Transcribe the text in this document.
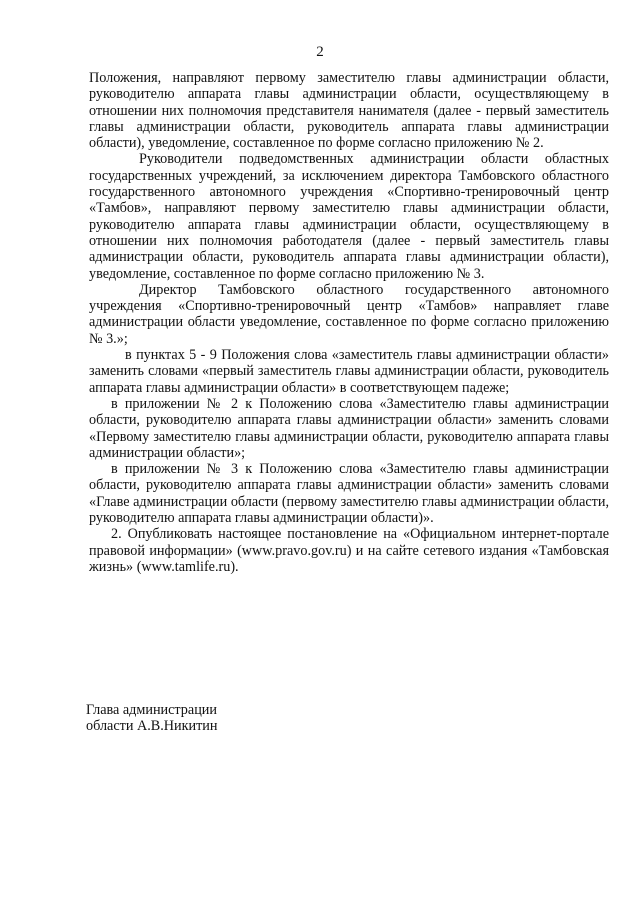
2

Положения, направляют первому заместителю главы администрации области, руководителю аппарата главы администрации области, осуществляющему в отношении них полномочия представителя нанимателя (далее - первый заместитель главы администрации области, руководитель аппарата главы администрации области), уведомление, составленное по форме согласно приложению № 2.

Руководители подведомственных администрации области областных государственных учреждений, за исключением директора Тамбовского областного государственного автономного учреждения «Спортивно-тренировочный центр «Тамбов», направляют первому заместителю главы администрации области, руководителю аппарата главы администрации области, осуществляющему в отношении них полномочия работодателя (далее - первый заместитель главы администрации области, руководитель аппарата главы администрации области), уведомление, составленное по форме согласно приложению № 3.

Директор Тамбовского областного государственного автономного учреждения «Спортивно-тренировочный центр «Тамбов» направляет главе администрации области уведомление, составленное по форме согласно приложению № 3.»;

в пунктах 5 - 9 Положения слова «заместитель главы администрации области» заменить словами «первый заместитель главы администрации области, руководитель аппарата главы администрации области» в соответствующем падеже;

в приложении № 2 к Положению слова «Заместителю главы администрации области, руководителю аппарата главы администрации области» заменить словами «Первому заместителю главы администрации области, руководителю аппарата главы администрации области»;

в приложении № 3 к Положению слова «Заместителю главы администрации области, руководителю аппарата главы администрации области» заменить словами «Главе администрации области (первому заместителю главы администрации области, руководителю аппарата главы администрации области)».

2. Опубликовать настоящее постановление на «Официальном интернет-портале правовой информации» (www.pravo.gov.ru) и на сайте сетевого издания «Тамбовская жизнь» (www.tamlife.ru).

Глава администрации
области А.В.Никитин
